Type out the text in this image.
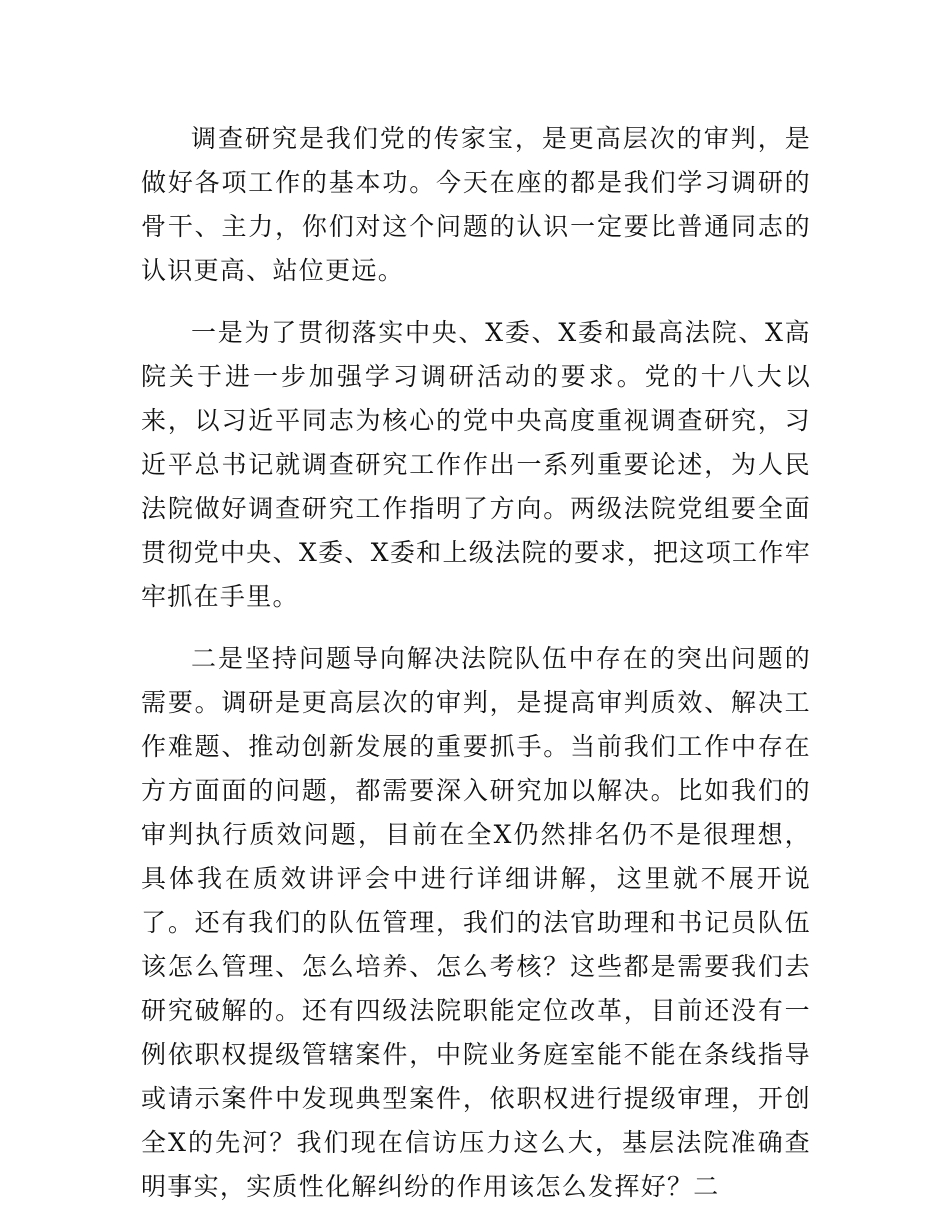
调查研究是我们党的传家宝，是更高层次的审判，是做好各项工作的基本功。今天在座的都是我们学习调研的骨干、主力，你们对这个问题的认识一定要比普通同志的认识更高、站位更远。

一是为了贯彻落实中央、X委、X委和最高法院、X高院关于进一步加强学习调研活动的要求。党的十八大以来，以习近平同志为核心的党中央高度重视调查研究，习近平总书记就调查研究工作作出一系列重要论述，为人民法院做好调查研究工作指明了方向。两级法院党组要全面贯彻党中央、X委、X委和上级法院的要求，把这项工作牢牢抓在手里。

二是坚持问题导向解决法院队伍中存在的突出问题的需要。调研是更高层次的审判，是提高审判质效、解决工作难题、推动创新发展的重要抓手。当前我们工作中存在方方面面的问题，都需要深入研究加以解决。比如我们的审判执行质效问题，目前在全X仍然排名仍不是很理想，具体我在质效讲评会中进行详细讲解，这里就不展开说了。还有我们的队伍管理，我们的法官助理和书记员队伍该怎么管理、怎么培养、怎么考核？这些都是需要我们去研究破解的。还有四级法院职能定位改革，目前还没有一例依职权提级管辖案件，中院业务庭室能不能在条线指导或请示案件中发现典型案件，依职权进行提级审理，开创全X的先河？我们现在信访压力这么大，基层法院准确查明事实，实质性化解纠纷的作用该怎么发挥好？二
